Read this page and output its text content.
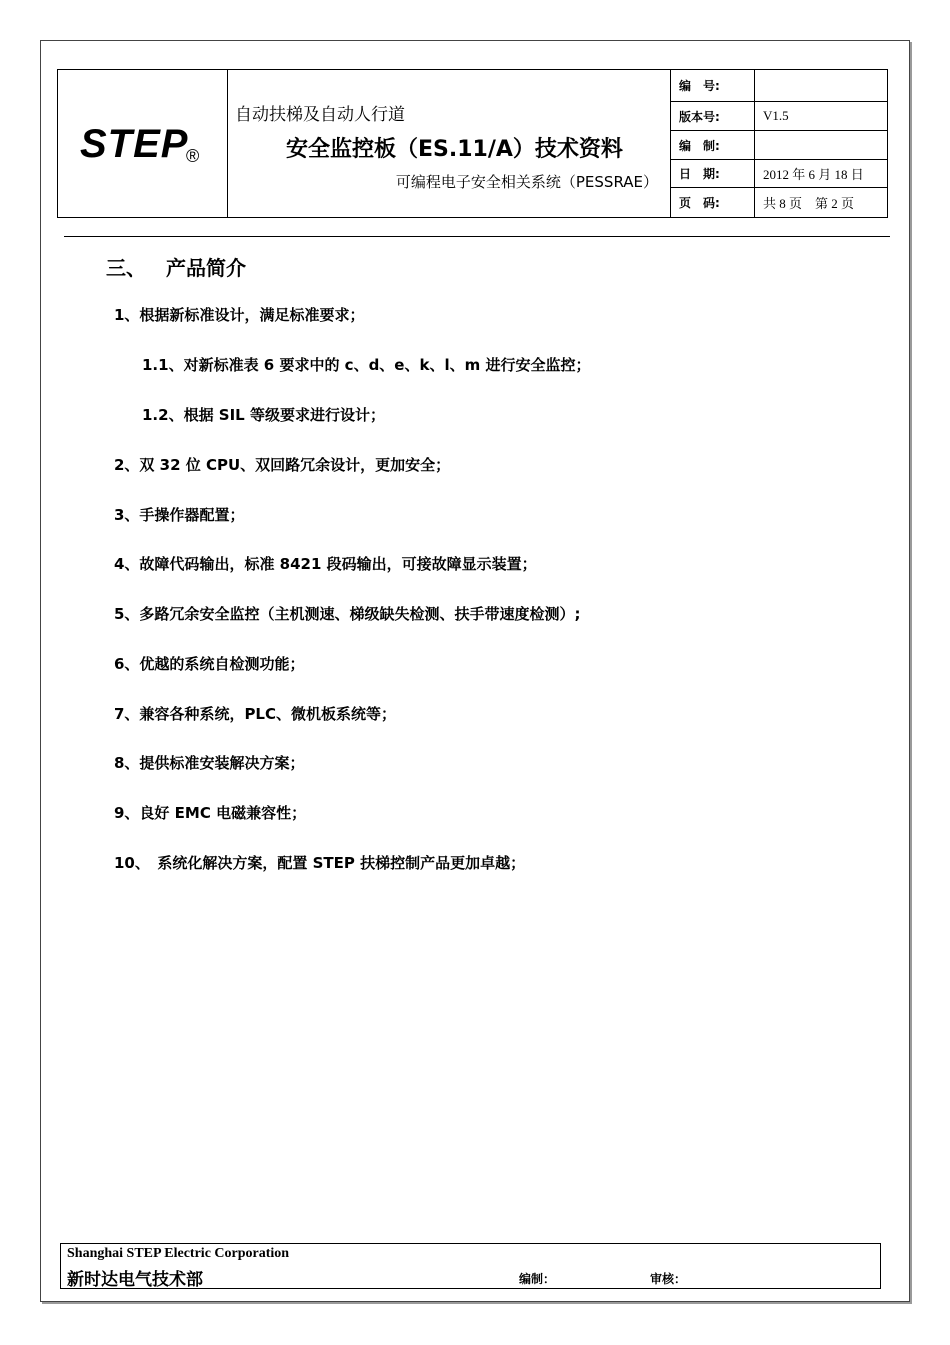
STEP
®
自动扶梯及自动人行道
安全监控板（ES.11/A）技术资料
可编程电子安全相关系统（PESSRAE）
编　号:
版本号:	V1.5
编　制:
日　期:	2012 年 6 月 18 日
页　码:	共 8 页　第 2 页
三、 产品简介
1、根据新标准设计，满足标准要求；
1.1、对新标准表 6 要求中的 c、d、e、k、l、m 进行安全监控；
1.2、根据 SIL 等级要求进行设计；
2、双 32 位 CPU、双回路冗余设计，更加安全；
3、手操作器配置；
4、故障代码输出，标准 8421 段码输出，可接故障显示装置；
5、多路冗余安全监控（主机测速、梯级缺失检测、扶手带速度检测）;
6、优越的系统自检测功能；
7、兼容各种系统，PLC、微机板系统等；
8、提供标准安装解决方案；
9、良好 EMC 电磁兼容性；
10、　系统化解决方案，配置 STEP 扶梯控制产品更加卓越；
Shanghai STEP Electric Corporation
新时达电气技术部	编制：	审核：
